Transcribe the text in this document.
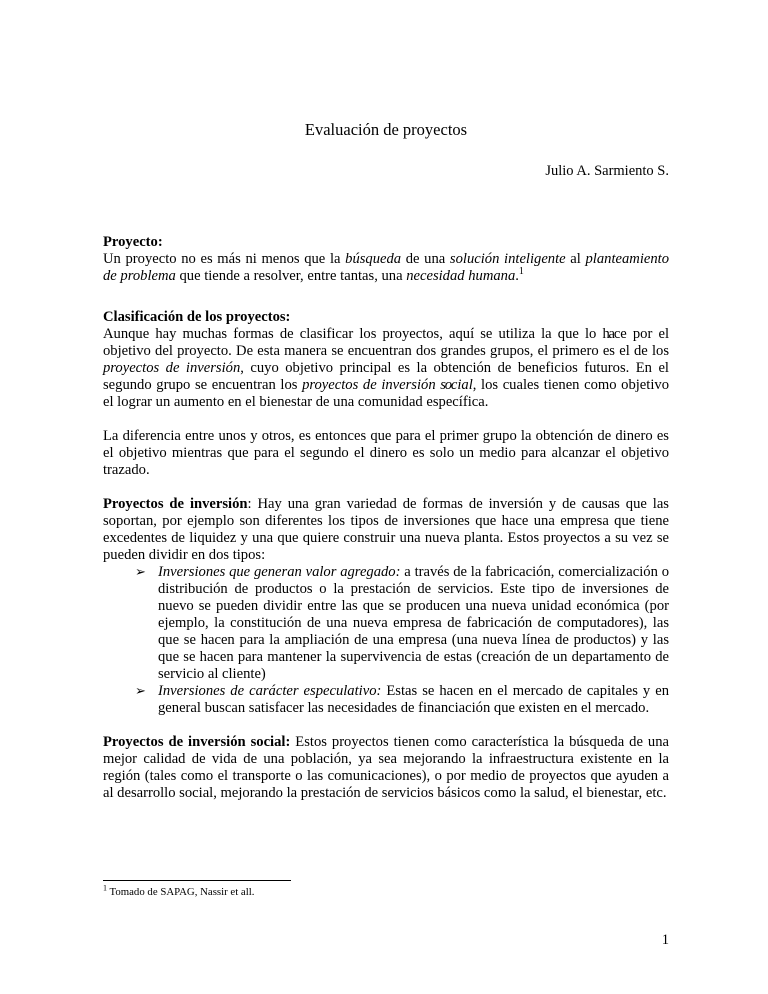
Evaluación de proyectos
Julio A. Sarmiento S.
Proyecto:

Un proyecto no es más ni menos que la búsqueda de una solución inteligente al planteamiento de problema que tiende a resolver, entre tantas, una necesidad humana.$^1$

Clasificación de los proyectos:

Aunque hay muchas formas de clasificar los proyectos, aquí se utiliza la que lo hace por el objetivo del proyecto. De esta manera se encuentran dos grandes grupos, el primero es el de los proyectos de inversión, cuyo objetivo principal es la obtención de beneficios futuros. En el segundo grupo se encuentran los proyectos de inversión social, los cuales tienen como objetivo el lograr un aumento en el bienestar de una comunidad específica.

La diferencia entre unos y otros, es entonces que para el primer grupo la obtención de dinero es el objetivo mientras que para el segundo el dinero es solo un medio para alcanzar el objetivo trazado.

Proyectos de inversión: Hay una gran variedad de formas de inversión y de causas que las soportan, por ejemplo son diferentes los tipos de inversiones que hace una empresa que tiene excedentes de liquidez y una que quiere construir una nueva planta. Estos proyectos a su vez se pueden dividir en dos tipos:

➢ Inversiones que generan valor agregado: a través de la fabricación, comercialización o distribución de productos o la prestación de servicios. Este tipo de inversiones de nuevo se pueden dividir entre las que se producen una nueva unidad económica (por ejemplo, la constitución de una nueva empresa de fabricación de computadores), las que se hacen para la ampliación de una empresa (una nueva línea de productos) y las que se hacen para mantener la supervivencia de estas (creación de un departamento de servicio al cliente)
➢ Inversiones de carácter especulativo: Estas se hacen en el mercado de capitales y en general buscan satisfacer las necesidades de financiación que existen en el mercado.

Proyectos de inversión social: Estos proyectos tienen como característica la búsqueda de una mejor calidad de vida de una población, ya sea mejorando la infraestructura existente en la región (tales como el transporte o las comunicaciones), o por medio de proyectos que ayuden a al desarrollo social, mejorando la prestación de servicios básicos como la salud, el bienestar, etc.

$^1$ Tomado de SAPAG, Nassir et all.

1
